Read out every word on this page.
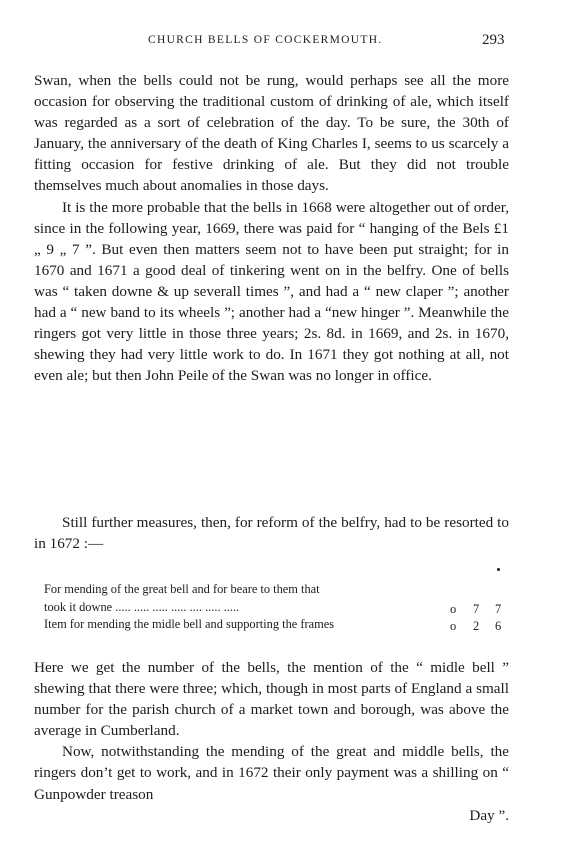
CHURCH BELLS OF COCKERMOUTH.	293

Swan, when the bells could not be rung, would perhaps see all the more occasion for observing the traditional custom of drinking of ale, which itself was regarded as a sort of celebration of the day. To be sure, the 30th of January, the anniversary of the death of King Charles I, seems to us scarcely a fitting occasion for festive drinking of ale. But they did not trouble themselves much about anomalies in those days.

It is the more probable that the bells in 1668 were altogether out of order, since in the following year, 1669, there was paid for “ hanging of the Bels £1 „ 9 „ 7 ”. But even then matters seem not to have been put straight; for in 1670 and 1671 a good deal of tinkering went on in the belfry. One of bells was “ taken downe & up severall times ”, and had a “ new claper ”; another had a “ new band to its wheels ”; another had a “new hinger ”. Meanwhile the ringers got very little in those three years; 2s. 8d. in 1669, and 2s. in 1670, shewing they had very little work to do. In 1671 they got nothing at all, not even ale; but then John Peile of the Swan was no longer in office.

Still further measures, then, for reform of the belfry, had to be resorted to in 1672 :—

For mending of the great bell and for beare to them that
took it downe ..... ..... ..... ..... .... ..... .....	o 7 7
Item for mending the midle bell and supporting the frames	o 2 6

Here we get the number of the bells, the mention of the “ midle bell ” shewing that there were three; which, though in most parts of England a small number for the parish church of a market town and borough, was above the average in Cumberland.

Now, notwithstanding the mending of the great and middle bells, the ringers don’t get to work, and in 1672 their only payment was a shilling on “ Gunpowder treason

Day ”.
